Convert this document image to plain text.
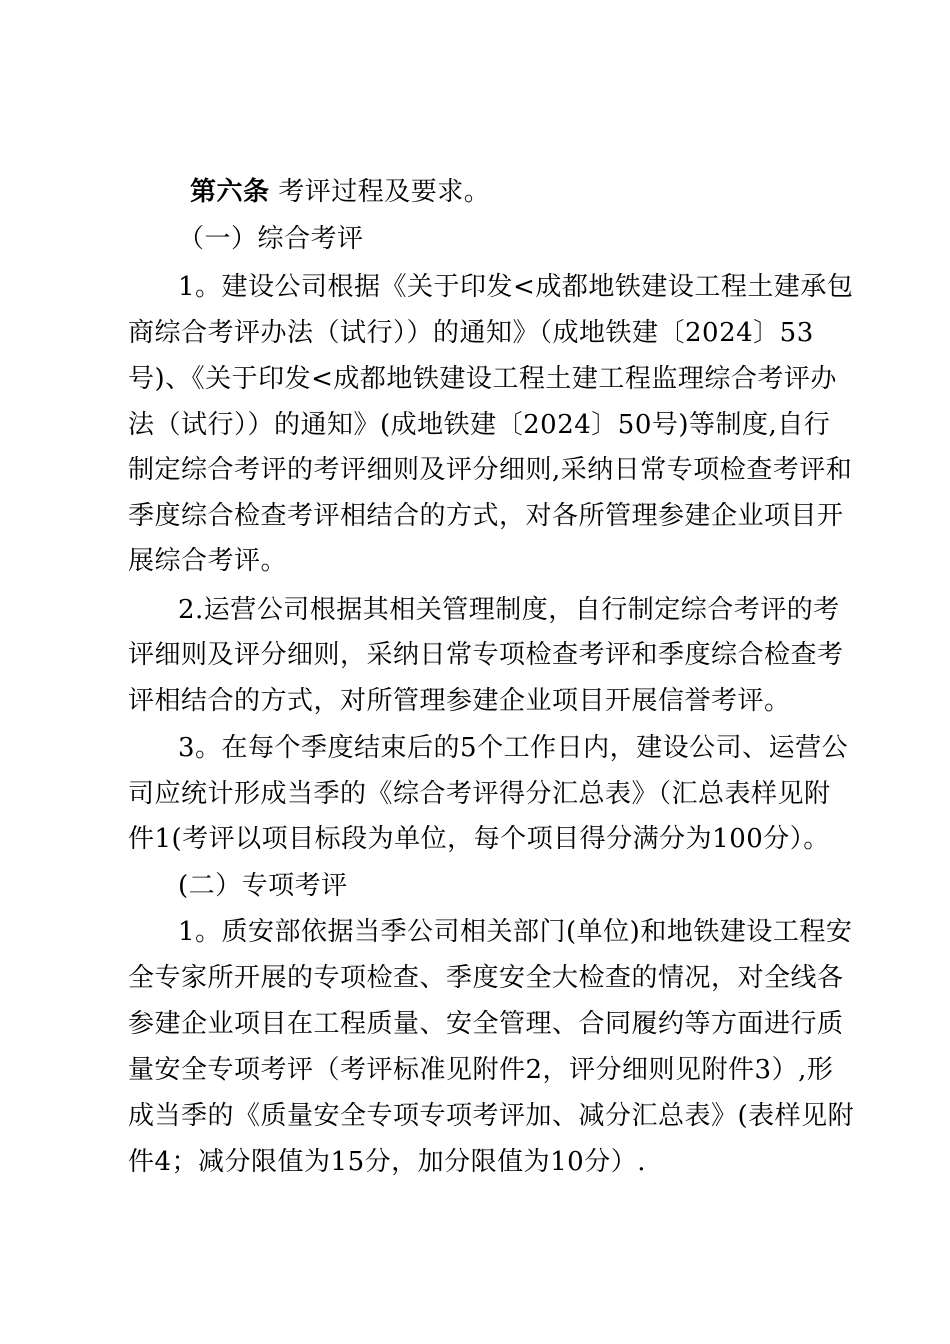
第六条 考评过程及要求。
（一）综合考评
1。建设公司根据《关于印发<成都地铁建设工程土建承包
商综合考评办法（试行））的通知》（成地铁建〔2024〕53
号)、《关于印发<成都地铁建设工程土建工程监理综合考评办
法（试行））的通知》(成地铁建〔2024〕50号)等制度,自行
制定综合考评的考评细则及评分细则,采纳日常专项检查考评和
季度综合检查考评相结合的方式，对各所管理参建企业项目开
展综合考评。
2.运营公司根据其相关管理制度，自行制定综合考评的考
评细则及评分细则，采纳日常专项检查考评和季度综合检查考
评相结合的方式，对所管理参建企业项目开展信誉考评。
3。在每个季度结束后的5个工作日内，建设公司、运营公
司应统计形成当季的《综合考评得分汇总表》（汇总表样见附
件1(考评以项目标段为单位，每个项目得分满分为100分）。
(二）专项考评
1。质安部依据当季公司相关部门(单位)和地铁建设工程安
全专家所开展的专项检查、季度安全大检查的情况，对全线各
参建企业项目在工程质量、安全管理、合同履约等方面进行质
量安全专项考评（考评标准见附件2，评分细则见附件3）,形
成当季的《质量安全专项专项考评加、减分汇总表》(表样见附
件4；减分限值为15分，加分限值为10分）.
